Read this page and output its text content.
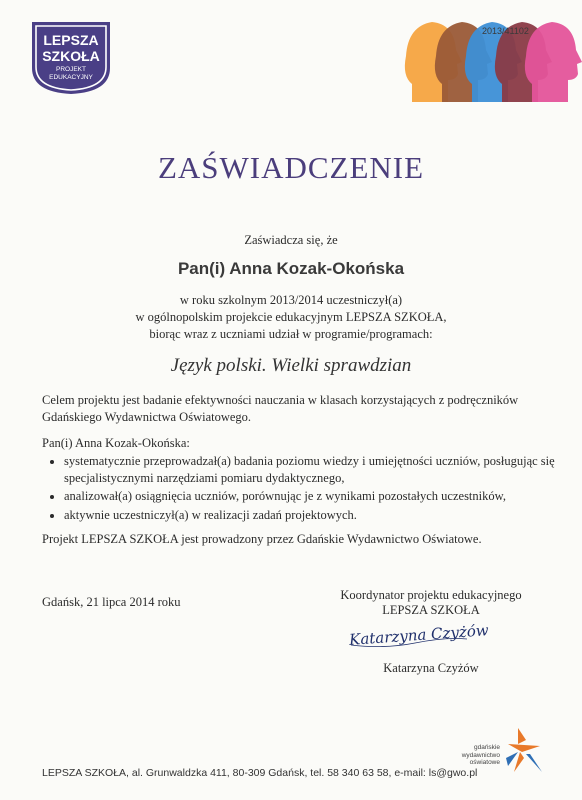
LEPSZA
SZKOŁA
PROJEKT
EDUKACYJNY
2013/41102
ZAŚWIADCZENIE
Zaświadcza się, że
Pan(i) Anna Kozak-Okońska
w roku szkolnym 2013/2014 uczestniczył(a)
w ogólnopolskim projekcie edukacyjnym LEPSZA SZKOŁA,
biorąc wraz z uczniami udział w programie/programach:
Język polski. Wielki sprawdzian
Celem projektu jest badanie efektywności nauczania w klasach korzystających z podręczników
Gdańskiego Wydawnictwa Oświatowego.
Pan(i) Anna Kozak-Okońska:
• systematycznie przeprowadzał(a) badania poziomu wiedzy i umiejętności uczniów, posługując się specjalistycznymi narzędziami pomiaru dydaktycznego,
• analizował(a) osiągnięcia uczniów, porównując je z wynikami pozostałych uczestników,
• aktywnie uczestniczył(a) w realizacji zadań projektowych.
Projekt LEPSZA SZKOŁA jest prowadzony przez Gdańskie Wydawnictwo Oświatowe.
Gdańsk, 21 lipca 2014 roku	Koordynator projektu edukacyjnego
LEPSZA SZKOŁA
Katarzyna Czyżów
Katarzyna Czyżów
LEPSZA SZKOŁA, al. Grunwaldzka 411, 80-309 Gdańsk, tel. 58 340 63 58, e-mail: ls@gwo.pl
gdańskie
wydawnictwo
oświatowe
